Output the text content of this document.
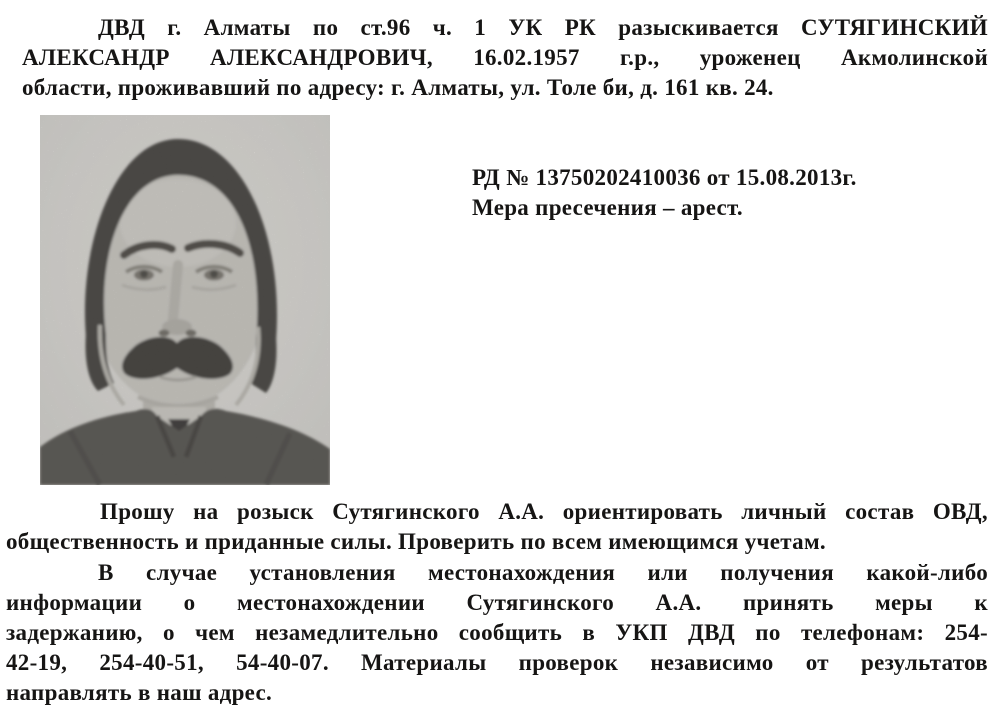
ДВД г. Алматы по ст.96 ч. 1 УК РК разыскивается СУТЯГИНСКИЙ
АЛЕКСАНДР АЛЕКСАНДРОВИЧ, 16.02.1957 г.р., уроженец Акмолинской
области, проживавший по адресу: г. Алматы, ул. Толе би, д. 161 кв. 24.
РД № 13750202410036 от 15.08.2013г.
Мера пресечения – арест.
Прошу на розыск Сутягинского А.А. ориентировать личный состав ОВД,
общественность и приданные силы. Проверить по всем имеющимся учетам.
В случае установления местонахождения или получения какой-либо
информации о местонахождении Сутягинского А.А. принять меры к
задержанию, о чем незамедлительно сообщить в УКП ДВД по телефонам: 254-
42-19, 254-40-51, 54-40-07. Материалы проверок независимо от результатов
направлять в наш адрес.
